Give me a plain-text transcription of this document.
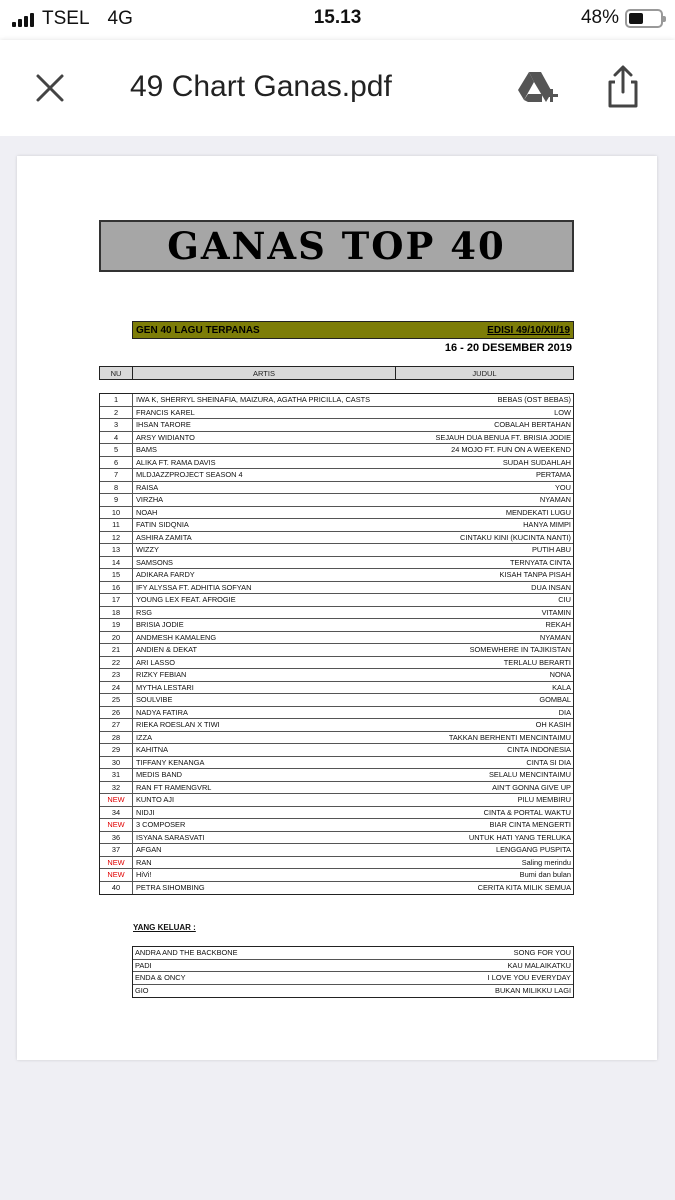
TSEL 4G	15.13	48%
49 Chart Ganas.pdf
GANAS TOP 40
GEN 40 LAGU TERPANAS	EDISI 49/10/XII/19
16 - 20 DESEMBER 2019
NU	ARTIS	JUDUL
1	IWA K, SHERRYL SHEINAFIA, MAIZURA, AGATHA PRICILLA, CASTS	BEBAS (OST BEBAS)
2	FRANCIS KAREL	LOW
3	IHSAN TARORE	COBALAH BERTAHAN
4	ARSY WIDIANTO	SEJAUH DUA BENUA FT. BRISIA JODIE
5	BAMS	24 MOJO FT. FUN ON A WEEKEND
6	ALIKA FT. RAMA DAVIS	SUDAH SUDAHLAH
7	MLDJAZZPROJECT SEASON 4	PERTAMA
8	RAISA	YOU
9	VIRZHA	NYAMAN
10	NOAH	MENDEKATI LUGU
11	FATIN SIDQNIA	HANYA MIMPI
12	ASHIRA ZAMITA	CINTAKU KINI (KUCINTA NANTI)
13	WIZZY	PUTIH ABU
14	SAMSONS	TERNYATA CINTA
15	ADIKARA FARDY	KISAH TANPA PISAH
16	IFY ALYSSA FT. ADHITIA SOFYAN	DUA INSAN
17	YOUNG LEX FEAT. AFROGIE	CIU
18	RSG	VITAMIN
19	BRISIA JODIE	REKAH
20	ANDMESH KAMALENG	NYAMAN
21	ANDIEN & DEKAT	SOMEWHERE IN TAJIKISTAN
22	ARI LASSO	TERLALU BERARTI
23	RIZKY FEBIAN	NONA
24	MYTHA LESTARI	KALA
25	SOULVIBE	GOMBAL
26	NADYA FATIRA	DIA
27	RIEKA ROESLAN X TIWI	OH KASIH
28	IZZA	TAKKAN BERHENTI MENCINTAIMU
29	KAHITNA	CINTA INDONESIA
30	TIFFANY KENANGA	CINTA SI DIA
31	MEDIS BAND	SELALU MENCINTAIMU
32	RAN FT RAMENGVRL	AIN'T GONNA GIVE UP
NEW	KUNTO AJI	PILU MEMBIRU
34	NIDJI	CINTA & PORTAL WAKTU
NEW	3 COMPOSER	BIAR CINTA MENGERTI
36	ISYANA SARASVATI	UNTUK HATI YANG TERLUKA
37	AFGAN	LENGGANG PUSPITA
NEW	RAN	Saling merindu
NEW	HiVi!	Bumi dan bulan
40	PETRA SIHOMBING	CERITA KITA MILIK SEMUA
YANG KELUAR :
ANDRA AND THE BACKBONE	SONG FOR YOU
PADI	KAU MALAIKATKU
ENDA & ONCY	I LOVE YOU EVERYDAY
GIO	BUKAN MILIKKU LAGI
